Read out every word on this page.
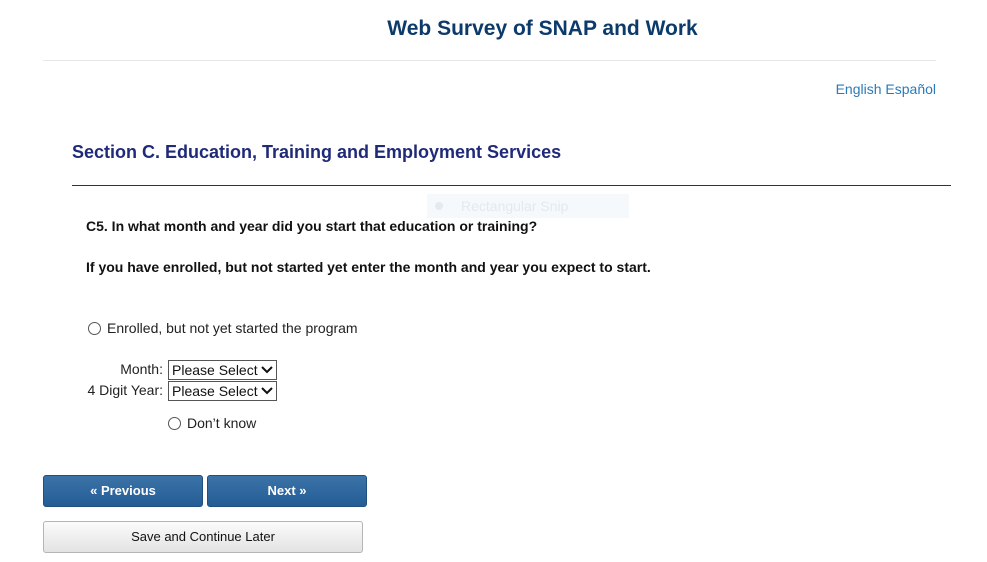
Web Survey of SNAP and Work
English Español
Section C. Education, Training and Employment Services
Rectangular Snip
C5. In what month and year did you start that education or training?
If you have enrolled, but not started yet enter the month and year you expect to start.
Enrolled, but not yet started the program
Month: Please Select
4 Digit Year: Please Select
Don’t know
« Previous	Next »
Save and Continue Later
